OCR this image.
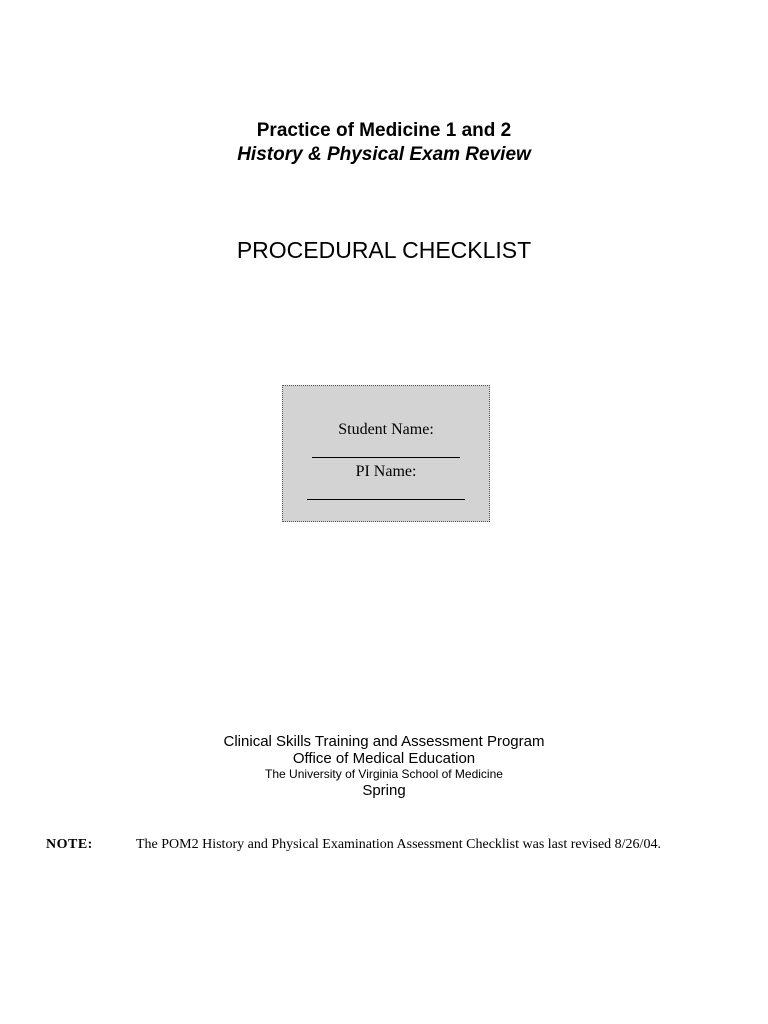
Practice of Medicine 1 and 2
History & Physical Exam Review
PROCEDURAL CHECKLIST
Student Name:
PI Name:
Clinical Skills Training and Assessment Program
Office of Medical Education
The University of Virginia School of Medicine
Spring
NOTE:	The POM2 History and Physical Examination Assessment Checklist was last revised 8/26/04.
